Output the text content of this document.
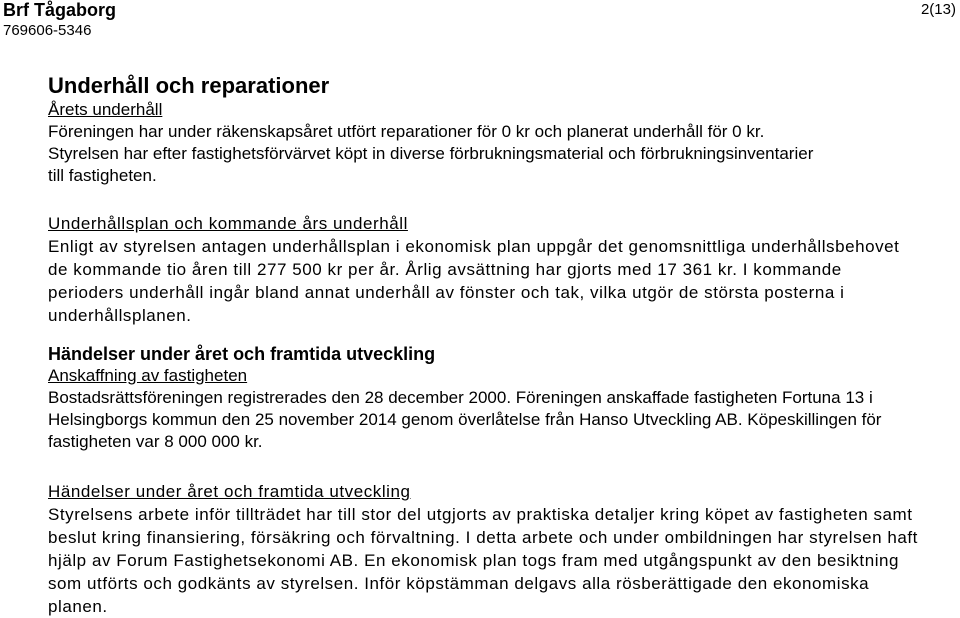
Brf Tågaborg

769606-5346

2(13)
Underhåll och reparationer

Årets underhåll

Föreningen har under räkenskapsåret utfört reparationer för 0 kr och planerat underhåll för 0 kr. Styrelsen har efter fastighetsförvärvet köpt in diverse förbrukningsmaterial och förbrukningsinventarier till fastigheten.

Underhållsplan och kommande års underhåll

Enligt av styrelsen antagen underhållsplan i ekonomisk plan uppgår det genomsnittliga underhållsbehovet de kommande tio åren till 277 500 kr per år. Årlig avsättning har gjorts med 17 361 kr. I kommande perioders underhåll ingår bland annat underhåll av fönster och tak, vilka utgör de största posterna i underhållsplanen.

Händelser under året och framtida utveckling

Anskaffning av fastigheten

Bostadsrättsföreningen registrerades den 28 december 2000. Föreningen anskaffade fastigheten Fortuna 13 i Helsingborgs kommun den 25 november 2014 genom överlåtelse från Hanso Utveckling AB. Köpeskillingen för fastigheten var 8 000 000 kr.

Händelser under året och framtida utveckling

Styrelsens arbete inför tillträdet har till stor del utgjorts av praktiska detaljer kring köpet av fastigheten samt beslut kring finansiering, försäkring och förvaltning. I detta arbete och under ombildningen har styrelsen haft hjälp av Forum Fastighetsekonomi AB. En ekonomisk plan togs fram med utgångspunkt av den besiktning som utförts och godkänts av styrelsen. Inför köpstämman delgavs alla rösberättigade den ekonomiska planen.
